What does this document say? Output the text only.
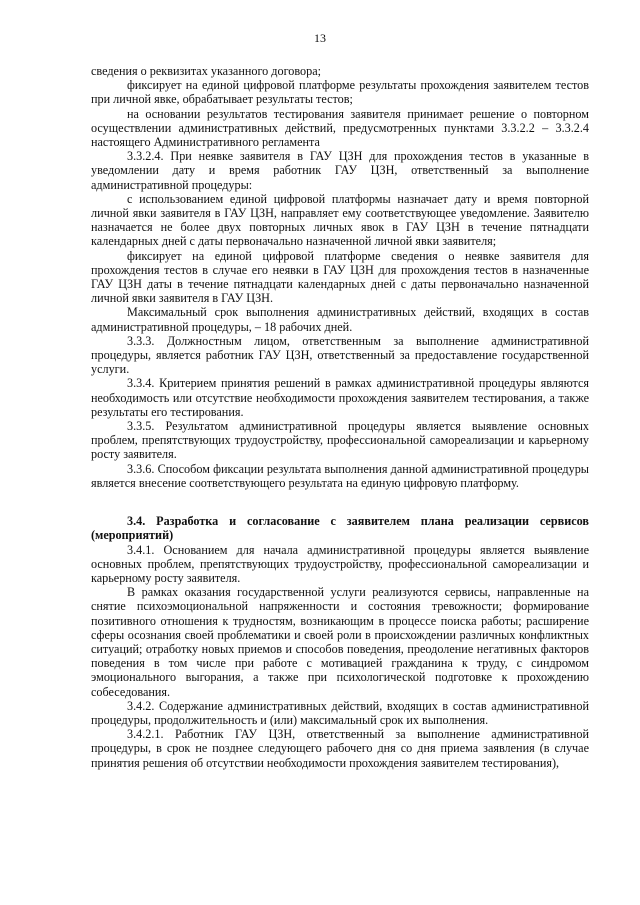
13

сведения о реквизитах указанного договора;

фиксирует на единой цифровой платформе результаты прохождения заявителем тестов при личной явке, обрабатывает результаты тестов;

на основании результатов тестирования заявителя принимает решение о повторном осуществлении административных действий, предусмотренных пунктами 3.3.2.2 – 3.3.2.4 настоящего Административного регламента

3.3.2.4. При неявке заявителя в ГАУ ЦЗН для прохождения тестов в указанные в уведомлении дату и время работник ГАУ ЦЗН, ответственный за выполнение административной процедуры:

с использованием единой цифровой платформы назначает дату и время повторной личной явки заявителя в ГАУ ЦЗН, направляет ему соответствующее уведомление. Заявителю назначается не более двух повторных личных явок в ГАУ ЦЗН в течение пятнадцати календарных дней с даты первоначально назначенной личной явки заявителя;

фиксирует на единой цифровой платформе сведения о неявке заявителя для прохождения тестов в случае его неявки в ГАУ ЦЗН для прохождения тестов в назначенные ГАУ ЦЗН даты в течение пятнадцати календарных дней с даты первоначально назначенной личной явки заявителя в ГАУ ЦЗН.

Максимальный срок выполнения административных действий, входящих в состав административной процедуры, – 18 рабочих дней.

3.3.3. Должностным лицом, ответственным за выполнение административной процедуры, является работник ГАУ ЦЗН, ответственный за предоставление государственной услуги.

3.3.4. Критерием принятия решений в рамках административной процедуры являются необходимость или отсутствие необходимости прохождения заявителем тестирования, а также результаты его тестирования.

3.3.5. Результатом административной процедуры является выявление основных проблем, препятствующих трудоустройству, профессиональной самореализации и карьерному росту заявителя.

3.3.6. Способом фиксации результата выполнения данной административной процедуры является внесение соответствующего результата на единую цифровую платформу.

3.4. Разработка и согласование с заявителем плана реализации сервисов (мероприятий)

3.4.1. Основанием для начала административной процедуры является выявление основных проблем, препятствующих трудоустройству, профессиональной самореализации и карьерному росту заявителя.

В рамках оказания государственной услуги реализуются сервисы, направленные на снятие психоэмоциональной напряженности и состояния тревожности; формирование позитивного отношения к трудностям, возникающим в процессе поиска работы; расширение сферы осознания своей проблематики и своей роли в происхождении различных конфликтных ситуаций; отработку новых приемов и способов поведения, преодоление негативных факторов поведения в том числе при работе с мотивацией гражданина к труду, с синдромом эмоционального выгорания, а также при психологической подготовке к прохождению собеседования.

3.4.2. Содержание административных действий, входящих в состав административной процедуры, продолжительность и (или) максимальный срок их выполнения.

3.4.2.1. Работник ГАУ ЦЗН, ответственный за выполнение административной процедуры, в срок не позднее следующего рабочего дня со дня приема заявления (в случае принятия решения об отсутствии необходимости прохождения заявителем тестирования),
